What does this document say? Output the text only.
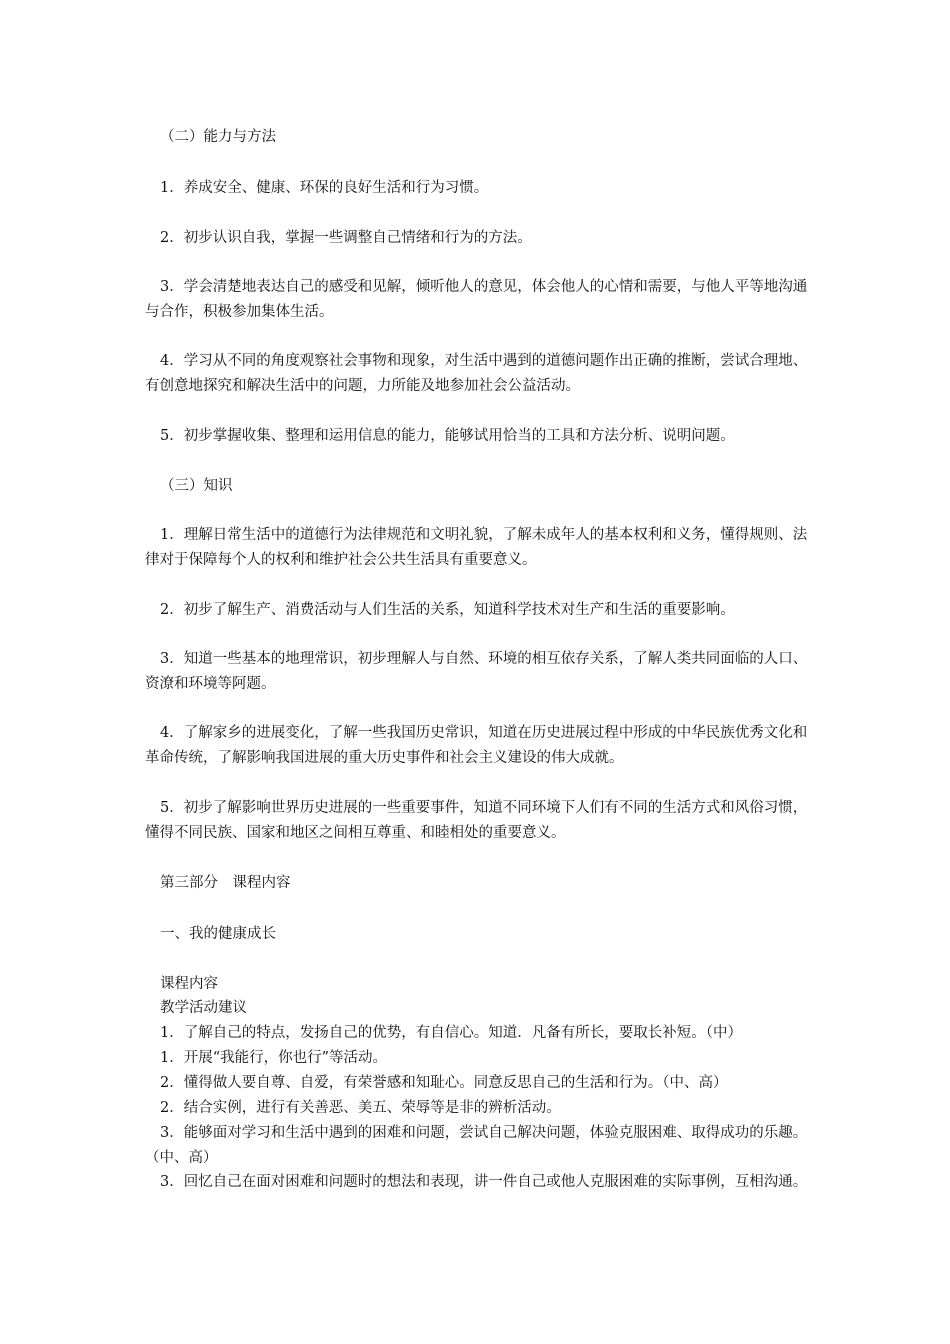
（二）能力与方法

1．养成安全、健康、环保的良好生活和行为习惯。

2．初步认识自我，掌握一些调整自己情绪和行为的方法。

3．学会清楚地表达自己的感受和见解，倾听他人的意见，体会他人的心情和需要，与他人平等地沟通与合作，积极参加集体生活。

4．学习从不同的角度观察社会事物和现象，对生活中遇到的道德问题作出正确的推断，尝试合理地、有创意地探究和解决生活中的问题，力所能及地参加社会公益活动。

5．初步掌握收集、整理和运用信息的能力，能够试用恰当的工具和方法分析、说明问题。

（三）知识

1．理解日常生活中的道德行为法律规范和文明礼貌，了解未成年人的基本权利和义务，懂得规则、法律对于保障每个人的权利和维护社会公共生活具有重要意义。

2．初步了解生产、消费活动与人们生活的关系，知道科学技术对生产和生活的重要影响。

3．知道一些基本的地理常识，初步理解人与自然、环境的相互依存关系，了解人类共同面临的人口、资潦和环境等阿题。

4．了解家乡的进展变化，了解一些我国历史常识，知道在历史进展过程中形成的中华民族优秀文化和革命传统，了解影响我国进展的重大历史事件和社会主义建设的伟大成就。

5．初步了解影响世界历史进展的一些重要事件，知道不同环境下人们有不同的生活方式和风俗习惯，懂得不同民族、国家和地区之间相互尊重、和睦相处的重要意义。

第三部分　课程内容

一、我的健康成长

课程内容

教学活动建议

1．了解自己的特点，发扬自己的优势，有自信心。知道．凡备有所长，要取长补短。（中）

1．开展“我能行，你也行”等活动。

2．懂得做人要自尊、自爱，有荣誉感和知耻心。同意反思自己的生活和行为。（中、高）

2．结合实例，进行有关善恶、美五、荣辱等是非的辨析活动。

3．能够面对学习和生活中遇到的困难和问题，尝试自己解决问题，体验克服困难、取得成功的乐趣。（中、高）

3．回忆自己在面对困难和问题时的想法和表现，讲一件自己或他人克服困难的实际事例，互相沟通。
